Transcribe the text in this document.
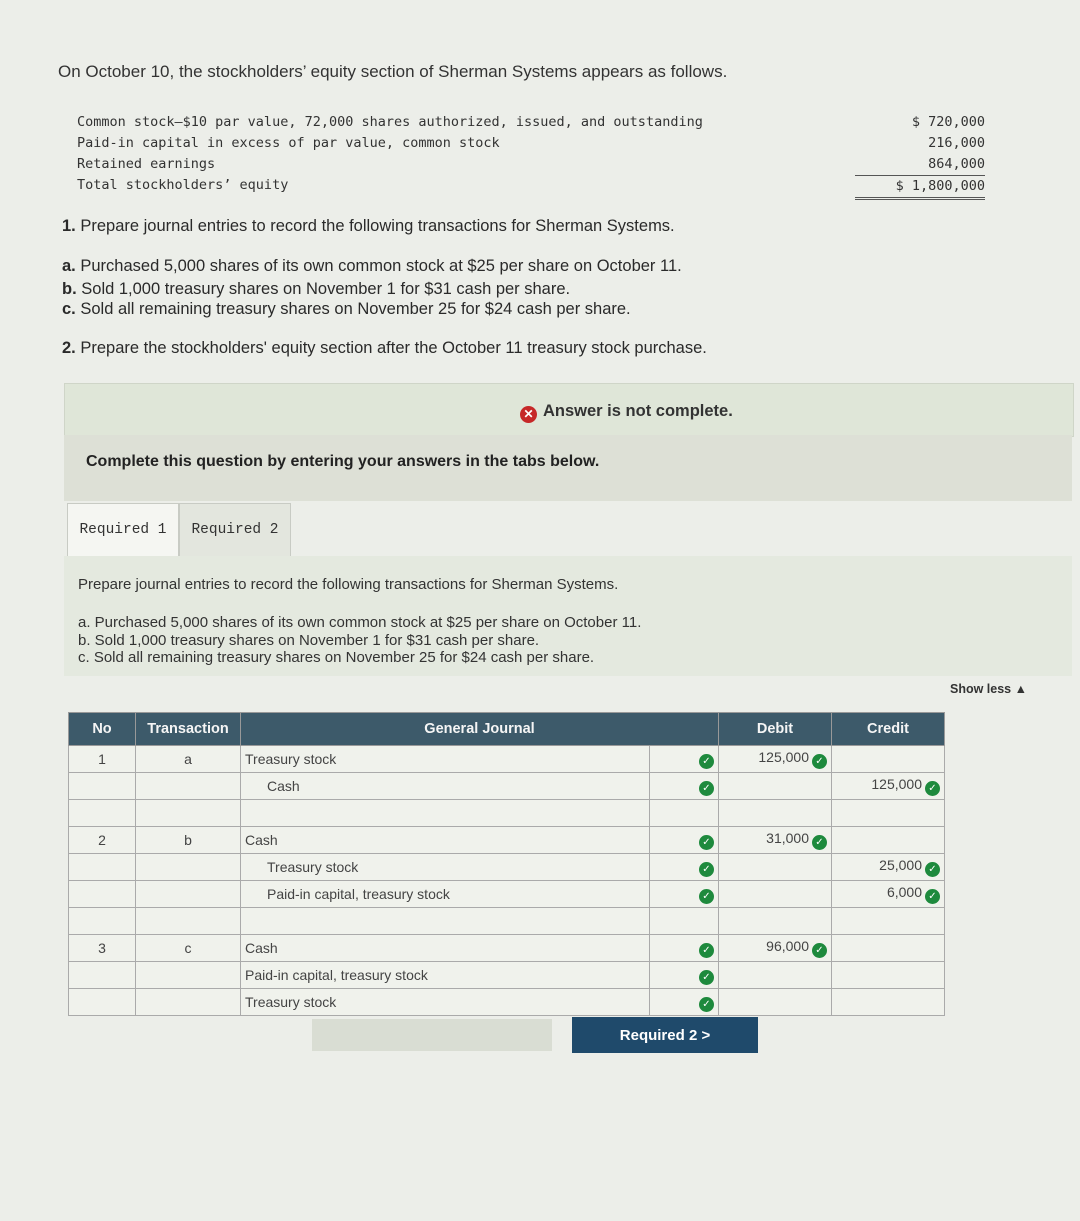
On October 10, the stockholders’ equity section of Sherman Systems appears as follows.
Common stock—$10 par value, 72,000 shares authorized, issued, and outstanding	$ 720,000
Paid-in capital in excess of par value, common stock	216,000
Retained earnings	864,000
Total stockholders’ equity	$ 1,800,000
1. Prepare journal entries to record the following transactions for Sherman Systems.
a. Purchased 5,000 shares of its own common stock at $25 per share on October 11.
b. Sold 1,000 treasury shares on November 1 for $31 cash per share.
c. Sold all remaining treasury shares on November 25 for $24 cash per share.
2. Prepare the stockholders' equity section after the October 11 treasury stock purchase.
✕ Answer is not complete.
Complete this question by entering your answers in the tabs below.
Required 1	Required 2
Prepare journal entries to record the following transactions for Sherman Systems.
a. Purchased 5,000 shares of its own common stock at $25 per share on October 11.
b. Sold 1,000 treasury shares on November 1 for $31 cash per share.
c. Sold all remaining treasury shares on November 25 for $24 cash per share.
Show less ▲
No	Transaction	General Journal		Debit	Credit
1	a	Treasury stock	✓	125,000 ✓	
		Cash	✓		125,000 ✓

2	b	Cash	✓	31,000 ✓	
		Treasury stock	✓		25,000 ✓
		Paid-in capital, treasury stock	✓		6,000 ✓

3	c	Cash	✓	96,000 ✓	
		Paid-in capital, treasury stock	✓		
		Treasury stock	✓		
Required 2 >
